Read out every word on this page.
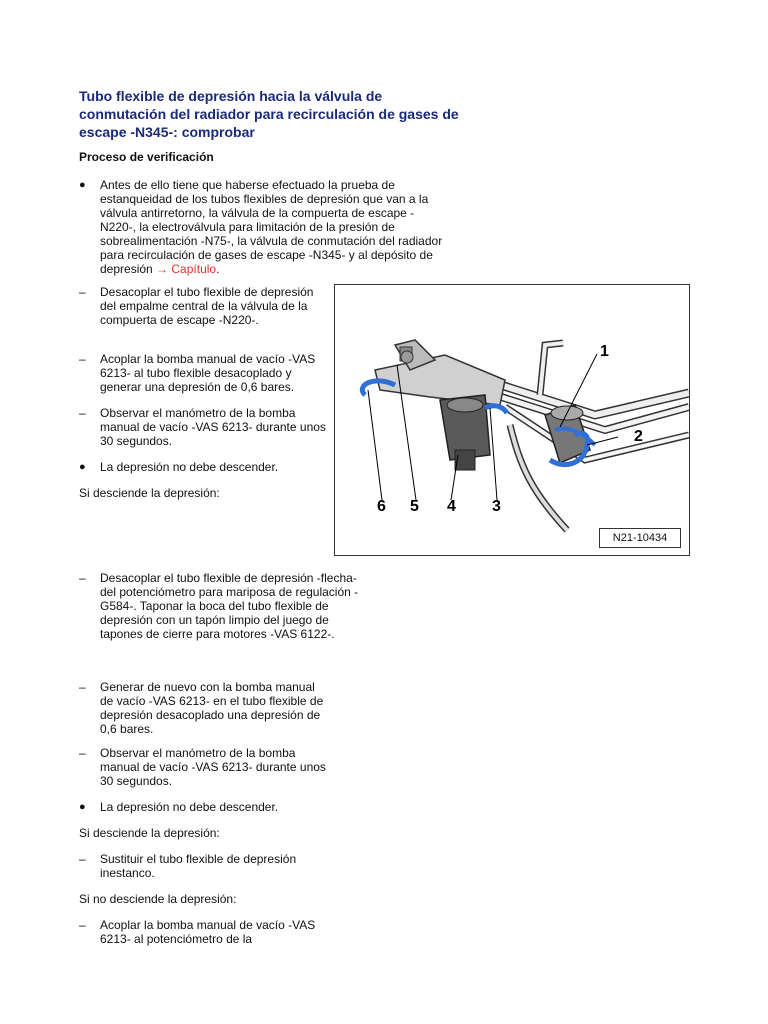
Tubo flexible de depresión hacia la válvula de conmutación del radiador para recirculación de gases de escape -N345-: comprobar

Proceso de verificación

●	Antes de ello tiene que haberse efectuado la prueba de estanqueidad de los tubos flexibles de depresión que van a la válvula antirretorno, la válvula de la compuerta de escape -N220-, la electroválvula para limitación de la presión de sobrealimentación -N75-, la válvula de conmutación del radiador para recirculación de gases de escape -N345- y al depósito de depresión → Capítulo.
–	Desacoplar el tubo flexible de depresión del empalme central de la válvula de la compuerta de escape -N220-.
–	Acoplar la bomba manual de vacío -VAS 6213- al tubo flexible desacoplado y generar una depresión de 0,6 bares.
–	Observar el manómetro de la bomba manual de vacío -VAS 6213- durante unos 30 segundos.
●	La depresión no debe descender.
Si desciende la depresión:
–	Desacoplar el tubo flexible de depresión -flecha- del potenciómetro para mariposa de regulación -G584-. Taponar la boca del tubo flexible de depresión con un tapón limpio del juego de tapones de cierre para motores -VAS 6122-.
–	Generar de nuevo con la bomba manual de vacío -VAS 6213- en el tubo flexible de depresión desacoplado una depresión de 0,6 bares.
–	Observar el manómetro de la bomba manual de vacío -VAS 6213- durante unos 30 segundos.
●	La depresión no debe descender.
Si desciende la depresión:
–	Sustituir el tubo flexible de depresión inestanco.
Si no desciende la depresión:
–	Acoplar la bomba manual de vacío -VAS 6213- al potenciómetro de la
1
2
3
4
5
6
N21-10434
